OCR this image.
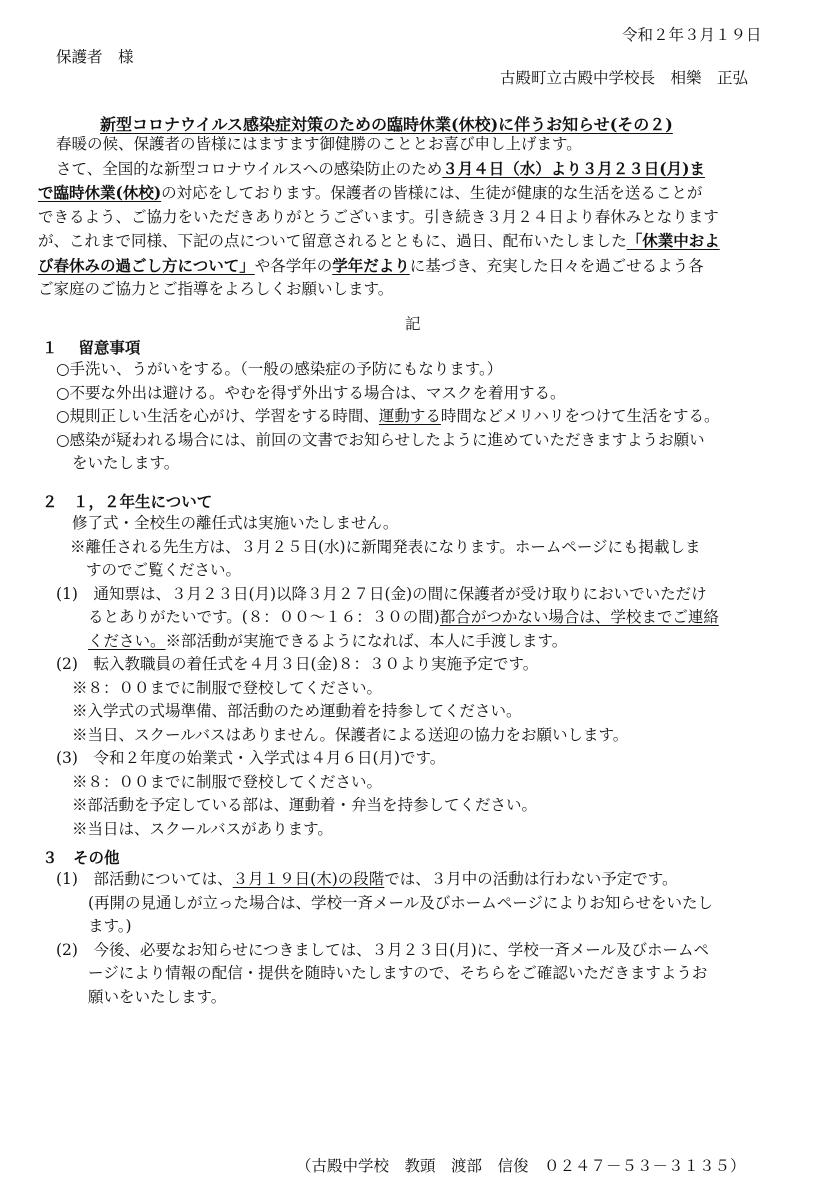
令和２年３月１９日
保護者　様
古殿町立古殿中学校長　相樂　正弘
新型コロナウイルス感染症対策のための臨時休業(休校)に伴うお知らせ(その２)
春暖の候、保護者の皆様にはますます御健勝のこととお喜び申し上げます。
さて、全国的な新型コロナウイルスへの感染防止のため３月４日（水）より３月２３日(月)ま
で臨時休業(休校)の対応をしております。保護者の皆様には、生徒が健康的な生活を送ることが
できるよう、ご協力をいただきありがとうございます。引き続き３月２４日より春休みとなります
が、これまで同様、下記の点について留意されるとともに、過日、配布いたしました「休業中およ
び春休みの過ごし方について」や各学年の学年だよりに基づき、充実した日々を過ごせるよう各
ご家庭のご協力とご指導をよろしくお願いします。
記
１　 留意事項
○手洗い、うがいをする。（一般の感染症の予防にもなります。）
○不要な外出は避ける。やむを得ず外出する場合は、マスクを着用する。
○規則正しい生活を心がけ、学習をする時間、運動する時間などメリハリをつけて生活をする。
○感染が疑われる場合には、前回の文書でお知らせしたように進めていただきますようお願い
をいたします。
２　１，２年生について
修了式・全校生の離任式は実施いたしません。
※離任される先生方は、３月２５日(水)に新聞発表になります。ホームページにも掲載しま
すのでご覧ください。
(1)　通知票は、３月２３日(月)以降３月２７日(金)の間に保護者が受け取りにおいでいただけ
るとありがたいです。(８：００～１６：３０の間)都合がつかない場合は、学校までご連絡
ください。※部活動が実施できるようになれば、本人に手渡します。
(2)　転入教職員の着任式を４月３日(金)８：３０より実施予定です。
※８：００までに制服で登校してください。
※入学式の式場準備、部活動のため運動着を持参してください。
※当日、スクールバスはありません。保護者による送迎の協力をお願いします。
(3)　令和２年度の始業式・入学式は４月６日(月)です。
※８：００までに制服で登校してください。
※部活動を予定している部は、運動着・弁当を持参してください。
※当日は、スクールバスがあります。
３　その他
(1)　部活動については、３月１９日(木)の段階では、３月中の活動は行わない予定です。
(再開の見通しが立った場合は、学校一斉メール及びホームページによりお知らせをいたし
ます。)
(2)　今後、必要なお知らせにつきましては、３月２３日(月)に、学校一斉メール及びホームペ
ージにより情報の配信・提供を随時いたしますので、そちらをご確認いただきますようお
願いをいたします。
（古殿中学校　教頭　渡部　信俊　０２４７－５３－３１３５）
